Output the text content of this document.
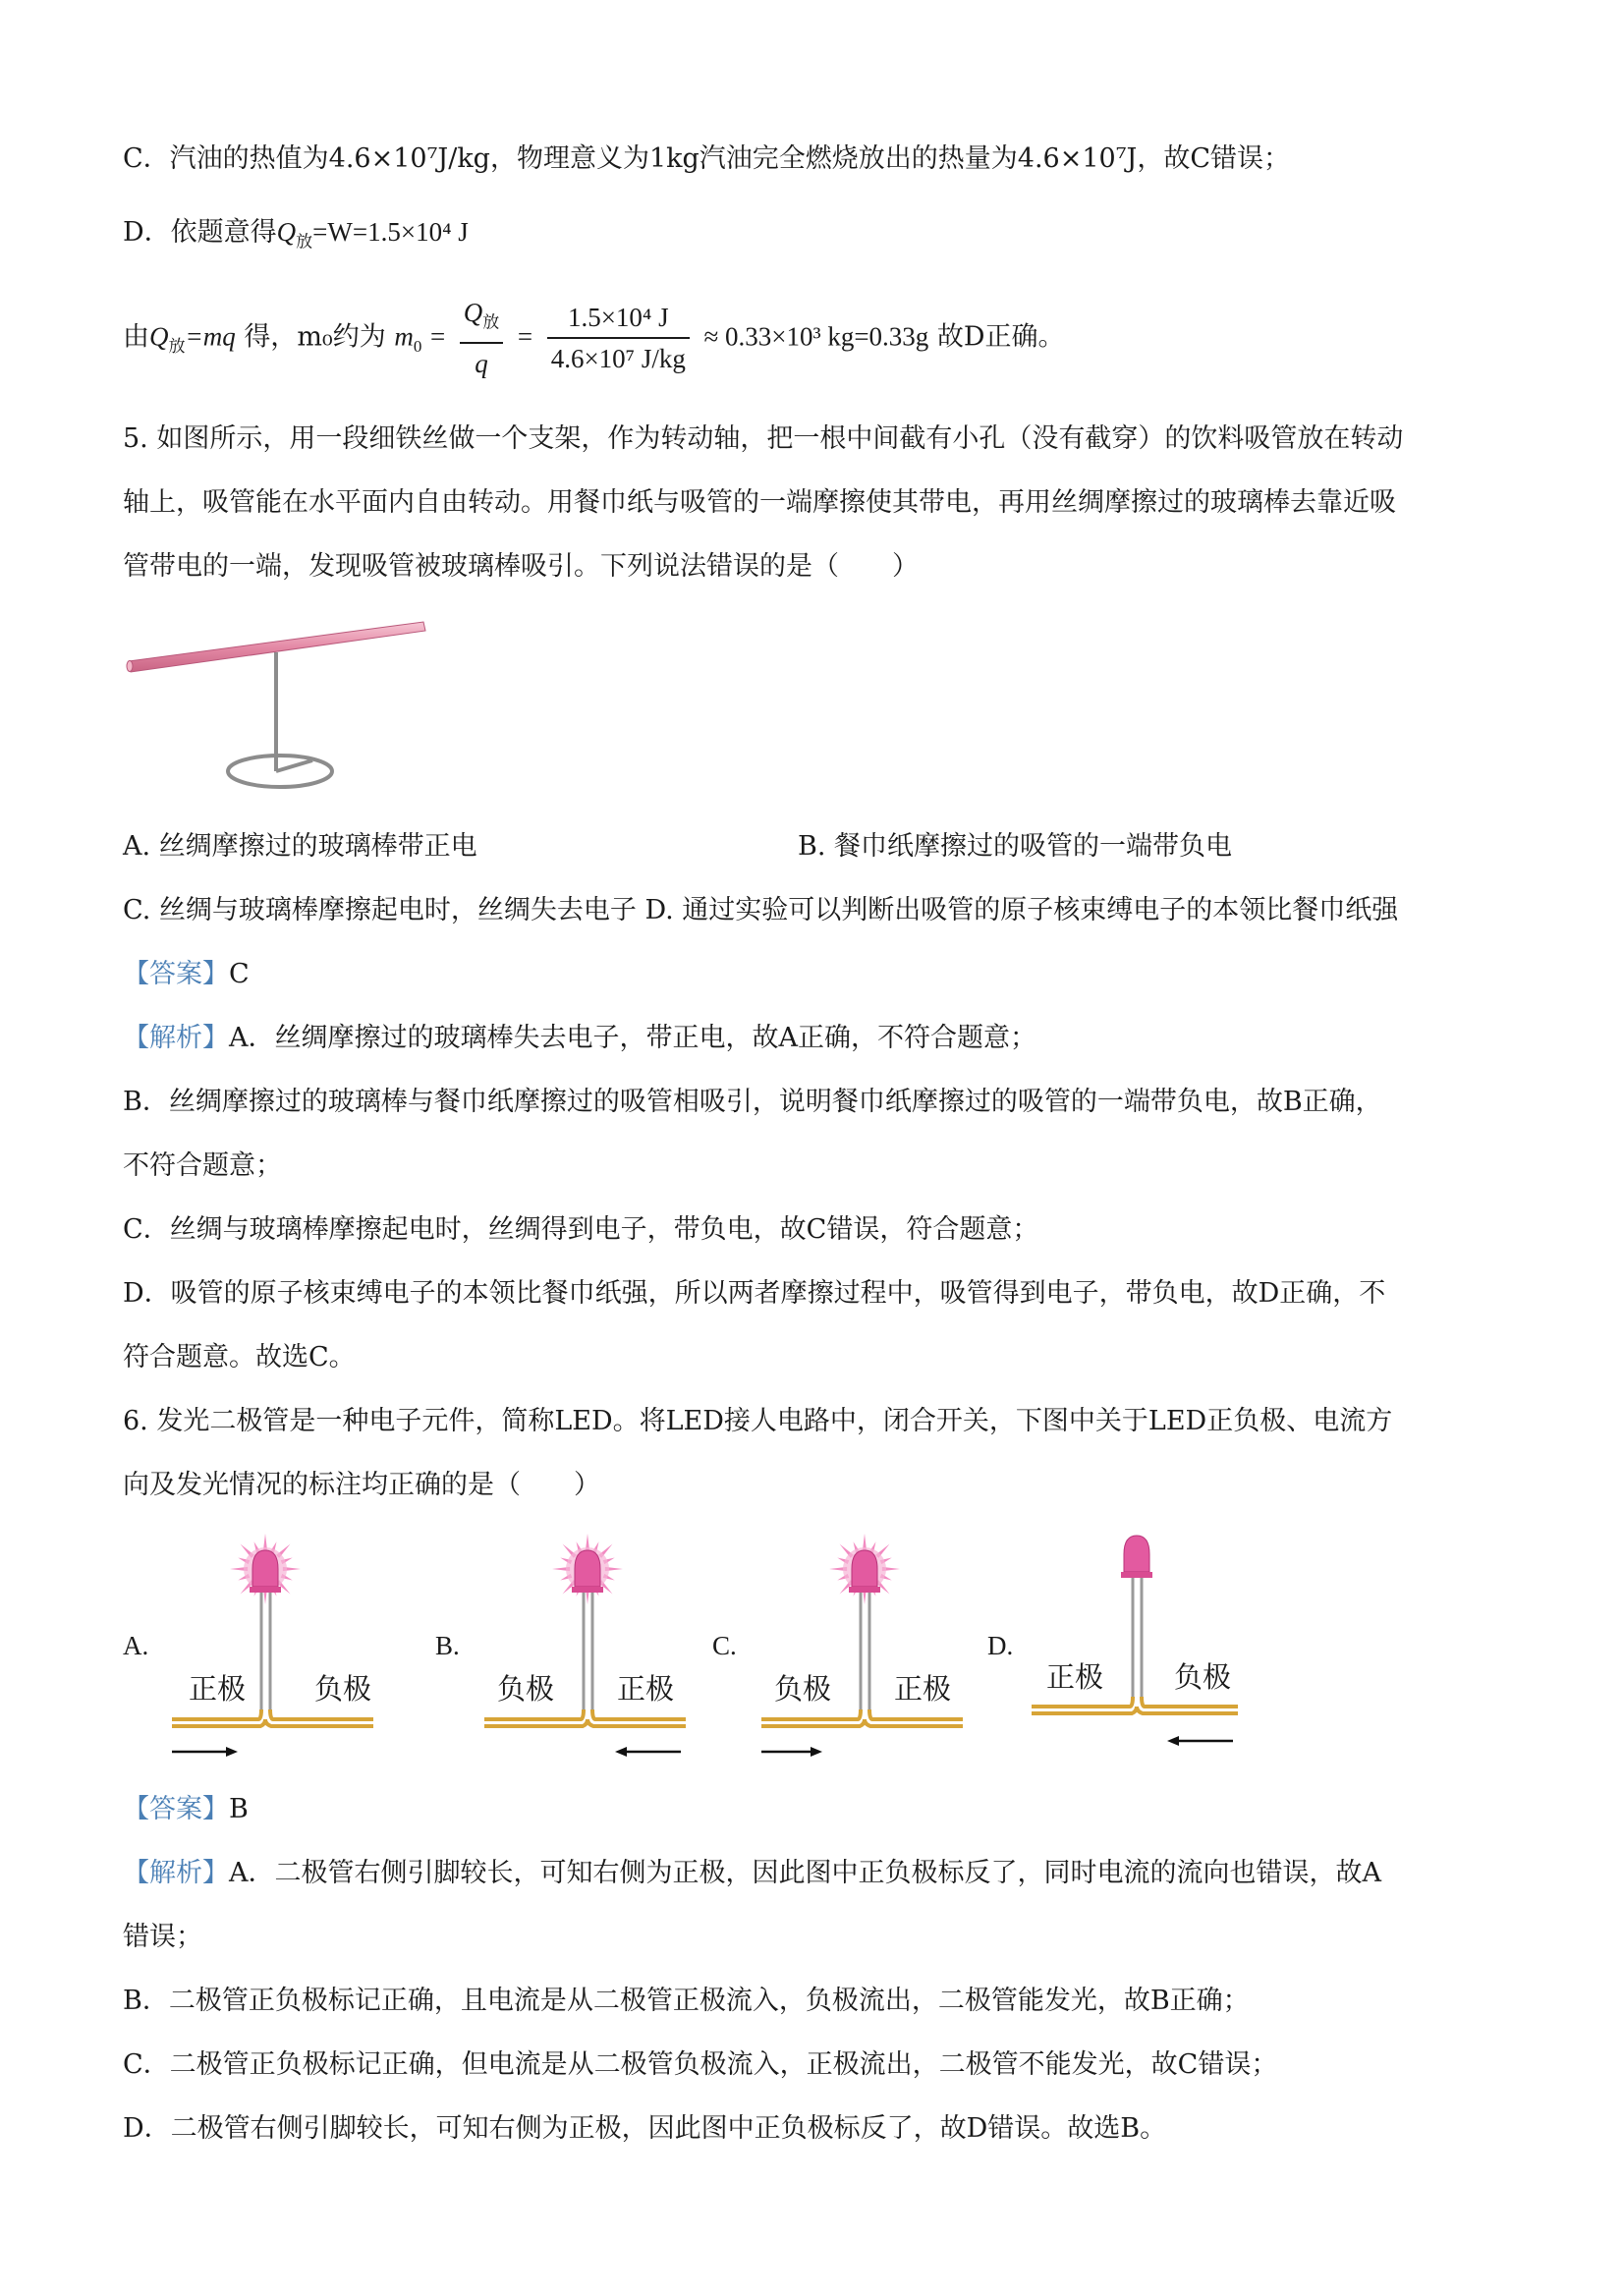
C．汽油的热值为4.6×10⁷J/kg，物理意义为1kg汽油完全燃烧放出的热量为4.6×10⁷J，故C错误；
D．依题意得$Q_放=W=1.5\times 10^4$ J
由$Q_放=mq$ 得，m₀约为 $m_0 = \frac{Q_放}{q} = \frac{\text{1.5×10⁴ J}}{\text{4.6×10⁷ J/kg}} \approx 0.33\times 10^3$ kg=0.33g 故D正确。
5. 如图所示，用一段细铁丝做一个支架，作为转动轴，把一根中间截有小孔（没有截穿）的饮料吸管放在转动
轴上，吸管能在水平面内自由转动。用餐巾纸与吸管的一端摩擦使其带电，再用丝绸摩擦过的玻璃棒去靠近吸
管带电的一端，发现吸管被玻璃棒吸引。下列说法错误的是（　　）
A. 丝绸摩擦过的玻璃棒带正电	B. 餐巾纸摩擦过的吸管的一端带负电
C. 丝绸与玻璃棒摩擦起电时，丝绸失去电子 D. 通过实验可以判断出吸管的原子核束缚电子的本领比餐巾纸强
【答案】C
【解析】A．丝绸摩擦过的玻璃棒失去电子，带正电，故A正确，不符合题意；
B．丝绸摩擦过的玻璃棒与餐巾纸摩擦过的吸管相吸引，说明餐巾纸摩擦过的吸管的一端带负电，故B正确，
不符合题意；
C．丝绸与玻璃棒摩擦起电时，丝绸得到电子，带负电，故C错误，符合题意；
D．吸管的原子核束缚电子的本领比餐巾纸强，所以两者摩擦过程中，吸管得到电子，带负电，故D正确，不
符合题意。故选C。
6. 发光二极管是一种电子元件，简称LED。将LED接人电路中，闭合开关，下图中关于LED正负极、电流方
向及发光情况的标注均正确的是（　　）
A.
正极 负极
B.
负极 正极
C.
负极 正极
D.
正极 负极
【答案】B
【解析】A．二极管右侧引脚较长，可知右侧为正极，因此图中正负极标反了，同时电流的流向也错误，故A
错误；
B．二极管正负极标记正确，且电流是从二极管正极流入，负极流出，二极管能发光，故B正确；
C．二极管正负极标记正确，但电流是从二极管负极流入，正极流出，二极管不能发光，故C错误；
D．二极管右侧引脚较长，可知右侧为正极，因此图中正负极标反了，故D错误。故选B。
